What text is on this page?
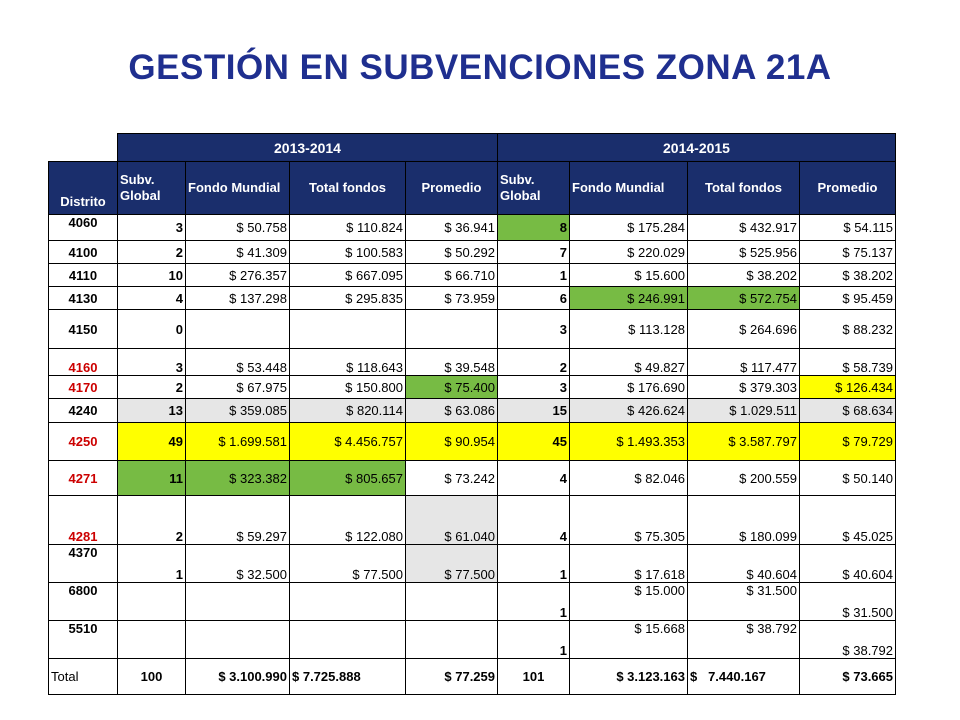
GESTIÓN EN SUBVENCIONES ZONA 21A
	2013-2014				2014-2015			
Distrito	Subv. Global	Fondo Mundial	Total fondos	Promedio	Subv. Global	Fondo Mundial	Total fondos	Promedio
4060	3	$ 50.758	$ 110.824	$ 36.941	8	$ 175.284	$ 432.917	$ 54.115
4100	2	$ 41.309	$ 100.583	$ 50.292	7	$ 220.029	$ 525.956	$ 75.137
4110	10	$ 276.357	$ 667.095	$ 66.710	1	$ 15.600	$ 38.202	$ 38.202
4130	4	$ 137.298	$ 295.835	$ 73.959	6	$ 246.991	$ 572.754	$ 95.459
4150	0				3	$ 113.128	$ 264.696	$ 88.232
4160	3	$ 53.448	$ 118.643	$ 39.548	2	$ 49.827	$ 117.477	$ 58.739
4170	2	$ 67.975	$ 150.800	$ 75.400	3	$ 176.690	$ 379.303	$ 126.434
4240	13	$ 359.085	$ 820.114	$ 63.086	15	$ 426.624	$ 1.029.511	$ 68.634
4250	49	$ 1.699.581	$ 4.456.757	$ 90.954	45	$ 1.493.353	$ 3.587.797	$ 79.729
4271	11	$ 323.382	$ 805.657	$ 73.242	4	$ 82.046	$ 200.559	$ 50.140
4281	2	$ 59.297	$ 122.080	$ 61.040	4	$ 75.305	$ 180.099	$ 45.025
4370	1	$ 32.500	$ 77.500	$ 77.500	1	$ 17.618	$ 40.604	$ 40.604
6800					1	$ 15.000	$ 31.500	$ 31.500
5510					1	$ 15.668	$ 38.792	$ 38.792
Total	100	$ 3.100.990	$ 7.725.888	$ 77.259	101	$ 3.123.163	$   7.440.167	$ 73.665
